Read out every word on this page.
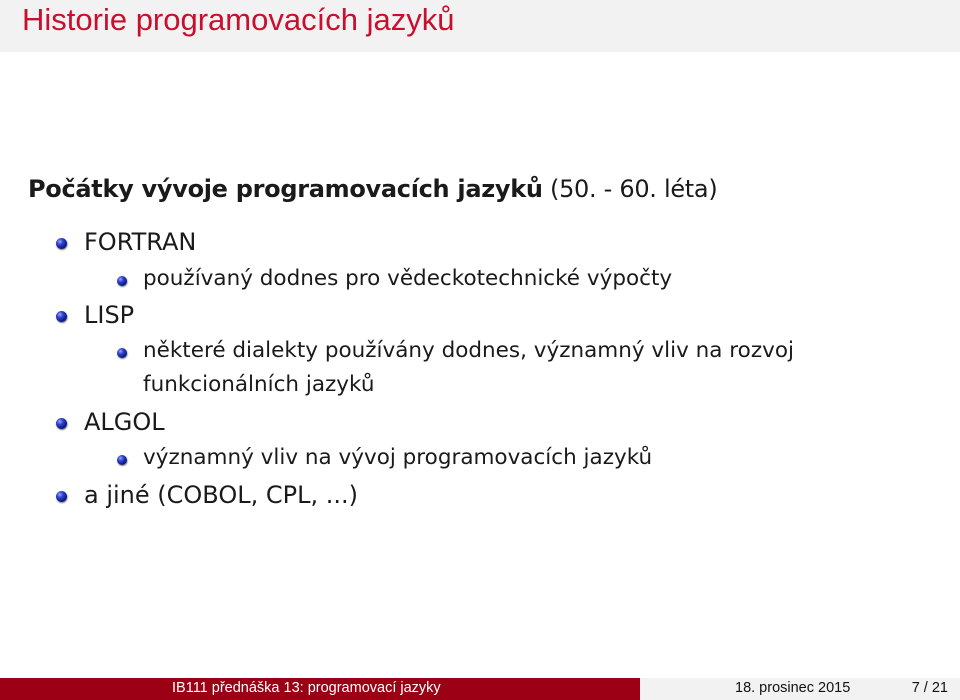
Historie programovacích jazyků
Počátky vývoje programovacích jazyků (50. - 60. léta)
FORTRAN
používaný dodnes pro vědeckotechnické výpočty
LISP
některé dialekty používány dodnes, významný vliv na rozvoj
funkcionálních jazyků
ALGOL
významný vliv na vývoj programovacích jazyků
a jiné (COBOL, CPL, ...)
IB111 přednáška 13: programovací jazyky	18. prosinec 2015	7 / 21
